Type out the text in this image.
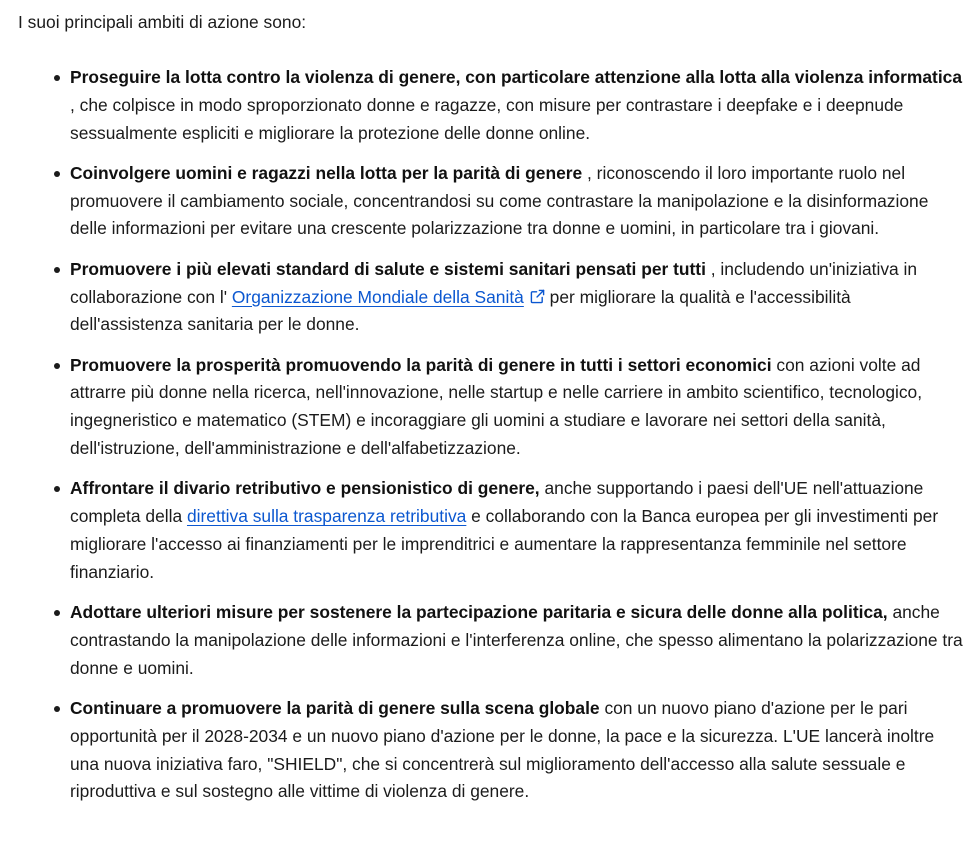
I suoi principali ambiti di azione sono:

Proseguire la lotta contro la violenza di genere, con particolare attenzione alla lotta alla violenza informatica , che colpisce in modo sproporzionato donne e ragazze, con misure per contrastare i deepfake e i deepnude sessualmente espliciti e migliorare la protezione delle donne online.
Coinvolgere uomini e ragazzi nella lotta per la parità di genere , riconoscendo il loro importante ruolo nel promuovere il cambiamento sociale, concentrandosi su come contrastare la manipolazione e la disinformazione delle informazioni per evitare una crescente polarizzazione tra donne e uomini, in particolare tra i giovani.
Promuovere i più elevati standard di salute e sistemi sanitari pensati per tutti , includendo un'iniziativa in collaborazione con l' Organizzazione Mondiale della Sanità per migliorare la qualità e l'accessibilità dell'assistenza sanitaria per le donne.
Promuovere la prosperità promuovendo la parità di genere in tutti i settori economici con azioni volte ad attrarre più donne nella ricerca, nell'innovazione, nelle startup e nelle carriere in ambito scientifico, tecnologico, ingegneristico e matematico (STEM) e incoraggiare gli uomini a studiare e lavorare nei settori della sanità, dell'istruzione, dell'amministrazione e dell'alfabetizzazione.
Affrontare il divario retributivo e pensionistico di genere, anche supportando i paesi dell'UE nell'attuazione completa della direttiva sulla trasparenza retributiva e collaborando con la Banca europea per gli investimenti per migliorare l'accesso ai finanziamenti per le imprenditrici e aumentare la rappresentanza femminile nel settore finanziario.
Adottare ulteriori misure per sostenere la partecipazione paritaria e sicura delle donne alla politica, anche contrastando la manipolazione delle informazioni e l'interferenza online, che spesso alimentano la polarizzazione tra donne e uomini.
Continuare a promuovere la parità di genere sulla scena globale con un nuovo piano d'azione per le pari opportunità per il 2028-2034 e un nuovo piano d'azione per le donne, la pace e la sicurezza. L'UE lancerà inoltre una nuova iniziativa faro, "SHIELD", che si concentrerà sul miglioramento dell'accesso alla salute sessuale e riproduttiva e sul sostegno alle vittime di violenza di genere.
